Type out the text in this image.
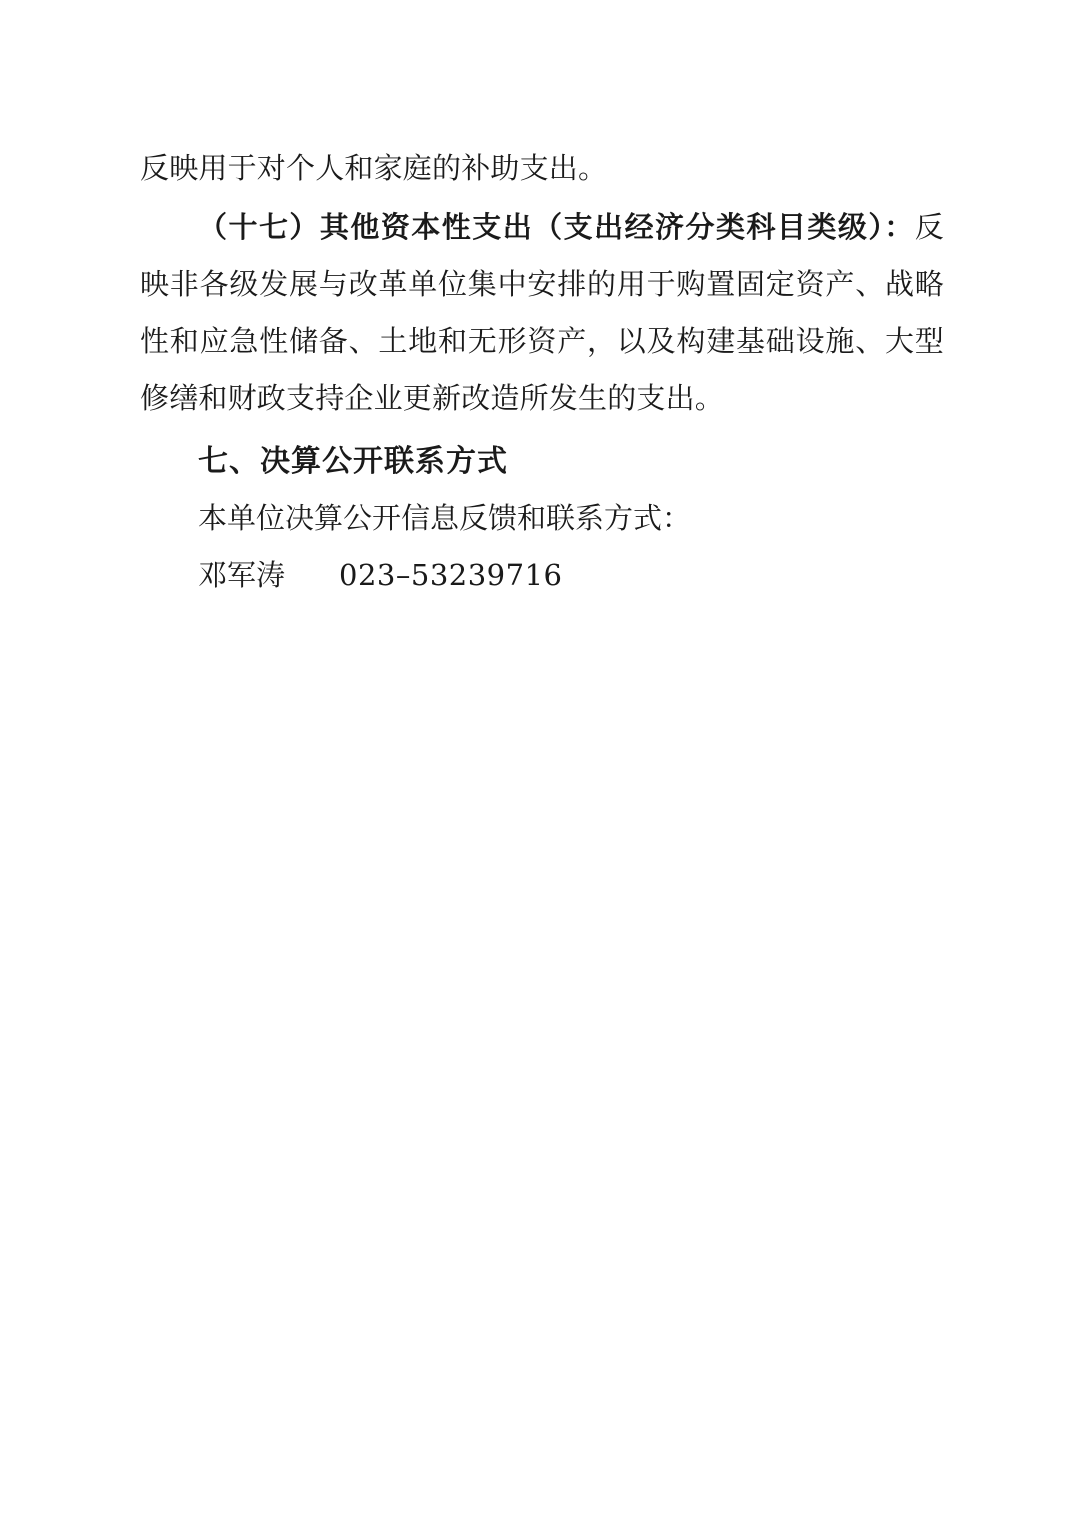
反映用于对个人和家庭的补助支出。

（十七）其他资本性支出（支出经济分类科目类级）：反映非各级发展与改革单位集中安排的用于购置固定资产、战略性和应急性储备、土地和无形资产，以及构建基础设施、大型修缮和财政支持企业更新改造所发生的支出。

七、决算公开联系方式

本单位决算公开信息反馈和联系方式：

邓军涛 023–53239716
